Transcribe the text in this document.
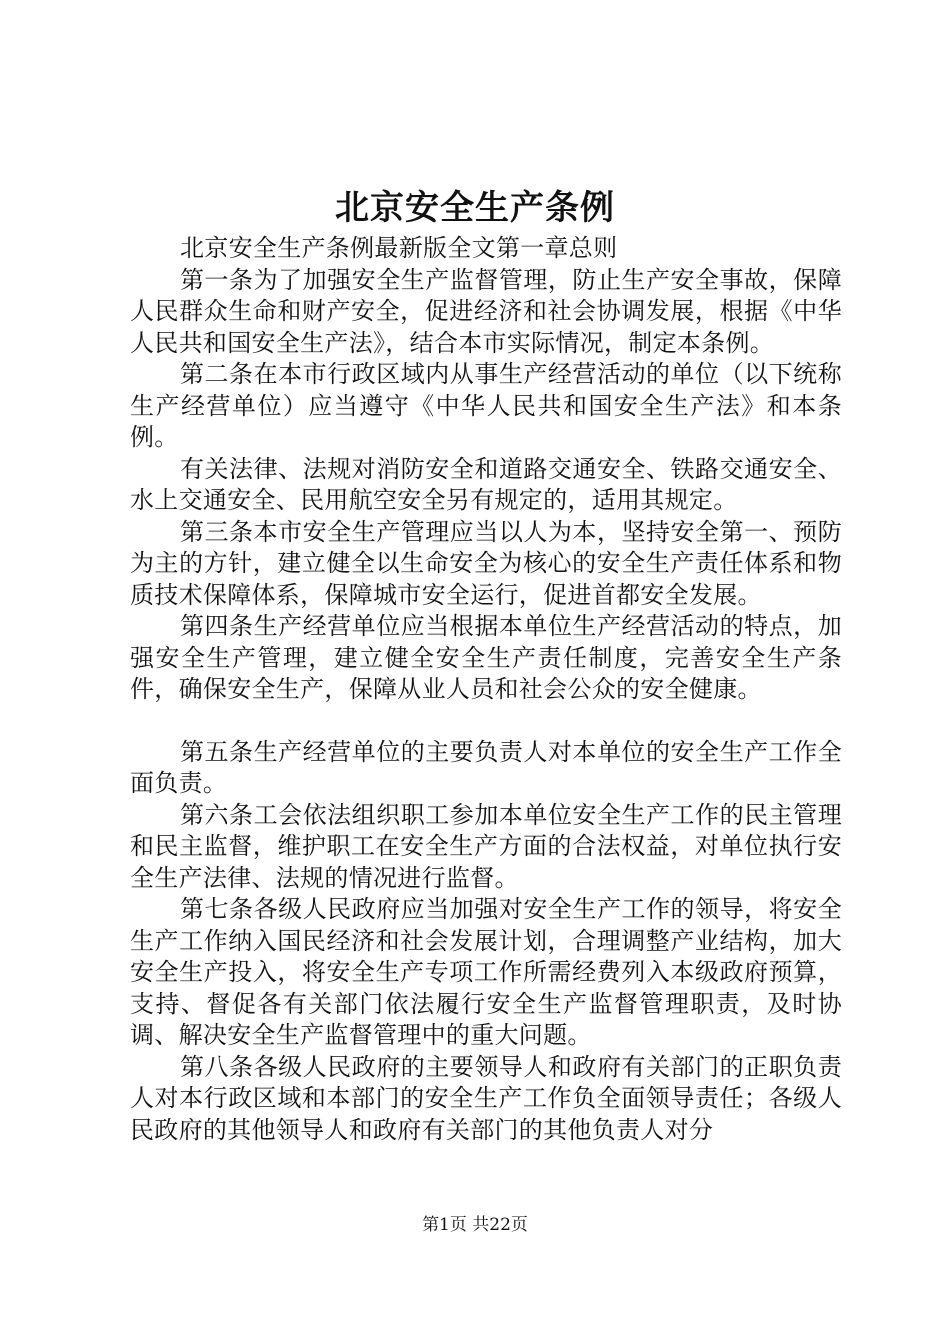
北京安全生产条例

北京安全生产条例最新版全文第一章总则

第一条为了加强安全生产监督管理，防止生产安全事故，保障人民群众生命和财产安全，促进经济和社会协调发展，根据《中华人民共和国安全生产法》，结合本市实际情况，制定本条例。

第二条在本市行政区域内从事生产经营活动的单位（以下统称生产经营单位）应当遵守《中华人民共和国安全生产法》和本条例。

有关法律、法规对消防安全和道路交通安全、铁路交通安全、水上交通安全、民用航空安全另有规定的，适用其规定。

第三条本市安全生产管理应当以人为本，坚持安全第一、预防为主的方针，建立健全以生命安全为核心的安全生产责任体系和物质技术保障体系，保障城市安全运行，促进首都安全发展。

第四条生产经营单位应当根据本单位生产经营活动的特点，加强安全生产管理，建立健全安全生产责任制度，完善安全生产条件，确保安全生产，保障从业人员和社会公众的安全健康。

第五条生产经营单位的主要负责人对本单位的安全生产工作全面负责。

第六条工会依法组织职工参加本单位安全生产工作的民主管理和民主监督，维护职工在安全生产方面的合法权益，对单位执行安全生产法律、法规的情况进行监督。

第七条各级人民政府应当加强对安全生产工作的领导，将安全生产工作纳入国民经济和社会发展计划，合理调整产业结构，加大安全生产投入，将安全生产专项工作所需经费列入本级政府预算，支持、督促各有关部门依法履行安全生产监督管理职责，及时协调、解决安全生产监督管理中的重大问题。

第八条各级人民政府的主要领导人和政府有关部门的正职负责人对本行政区域和本部门的安全生产工作负全面领导责任；各级人民政府的其他领导人和政府有关部门的其他负责人对分

第1页 共22页
